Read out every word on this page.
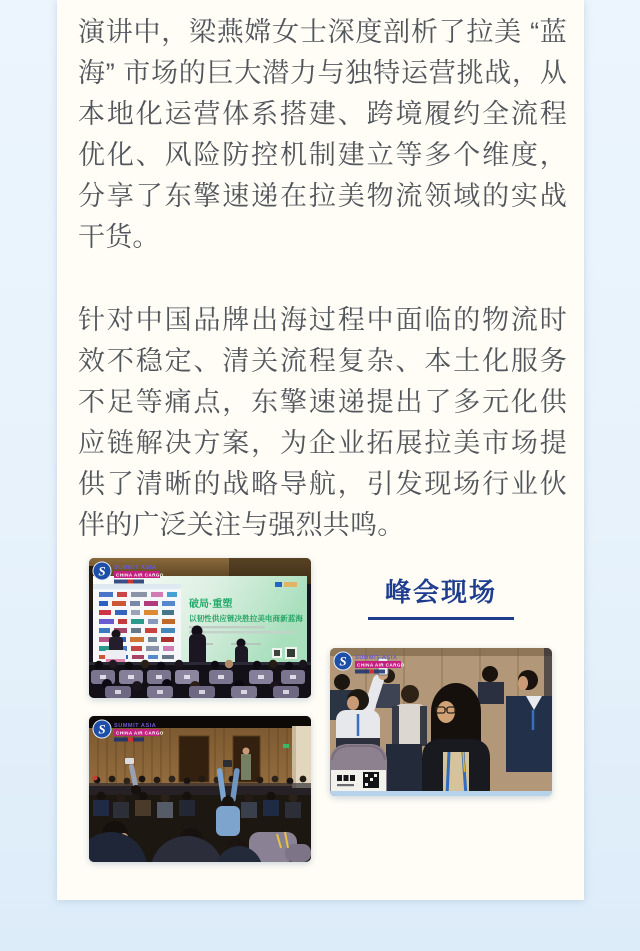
演讲中，梁燕嫦女士深度剖析了拉美 “蓝海” 市场的巨大潜力与独特运营挑战，从本地化运营体系搭建、跨境履约全流程优化、风险防控机制建立等多个维度，分享了东擎速递在拉美物流领域的实战干货。

针对中国品牌出海过程中面临的物流时效不稳定、清关流程复杂、本土化服务不足等痛点，东擎速递提出了多元化供应链解决方案，为企业拓展拉美市场提供了清晰的战略导航，引发现场行业伙伴的广泛关注与强烈共鸣。

破局·重塑
以韧性供应链决胜拉美电商新蓝海
S SUMMIT ASIA
CHINA AIR CARGO
S SUMMIT ASIA
CHINA AIR CARGO
峰会现场
S SUMMIT ASIA
CHINA AIR CARGO
